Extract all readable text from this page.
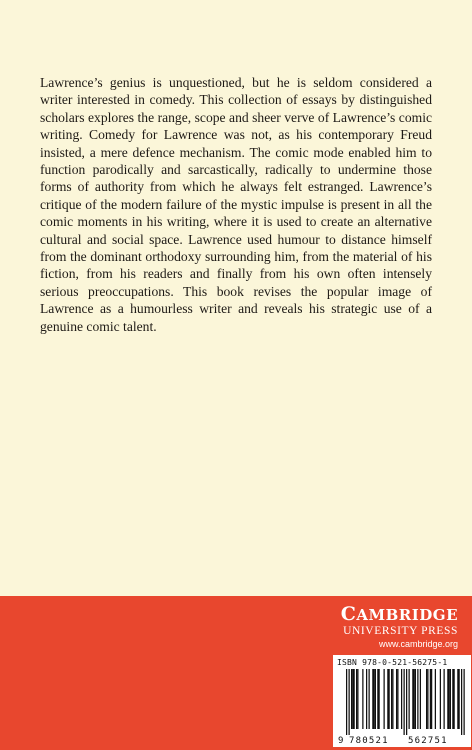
Lawrence’s genius is unquestioned, but he is seldom considered a writer interested in comedy. This collection of essays by distinguished scholars explores the range, scope and sheer verve of Lawrence’s comic writing. Comedy for Lawrence was not, as his contemporary Freud insisted, a mere defence mechanism. The comic mode enabled him to function parodically and sarcastically, radically to undermine those forms of authority from which he always felt estranged. Lawrence’s critique of the modern failure of the mystic impulse is present in all the comic moments in his writing, where it is used to create an alternative cultural and social space. Lawrence used humour to distance himself from the dominant orthodoxy surrounding him, from the material of his fiction, from his readers and finally from his own often intensely serious preoccupations. This book revises the popular image of Lawrence as a humourless writer and reveals his strategic use of a genuine comic talent.

CAMBRIDGE
UNIVERSITY PRESS
www.cambridge.org
ISBN 978-0-521-56275-1
9 780521 562751
